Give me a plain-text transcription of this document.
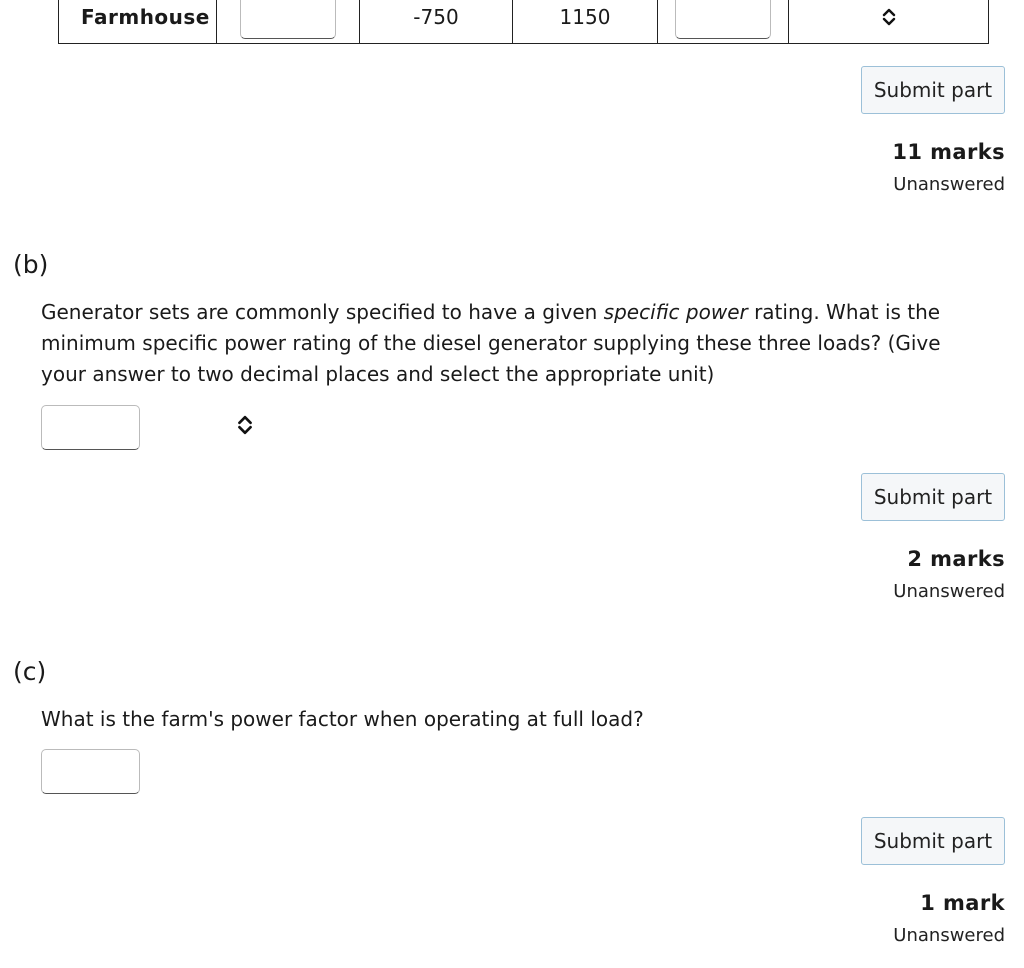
Farmhouse		-750	1150	

Submit part
11 marks
Unanswered
(b)
Generator sets are commonly specified to have a given specific power rating. What is the minimum specific power rating of the diesel generator supplying these three loads? (Give your answer to two decimal places and select the appropriate unit)
Submit part
2 marks
Unanswered
(c)
What is the farm's power factor when operating at full load?
Submit part
1 mark
Unanswered
